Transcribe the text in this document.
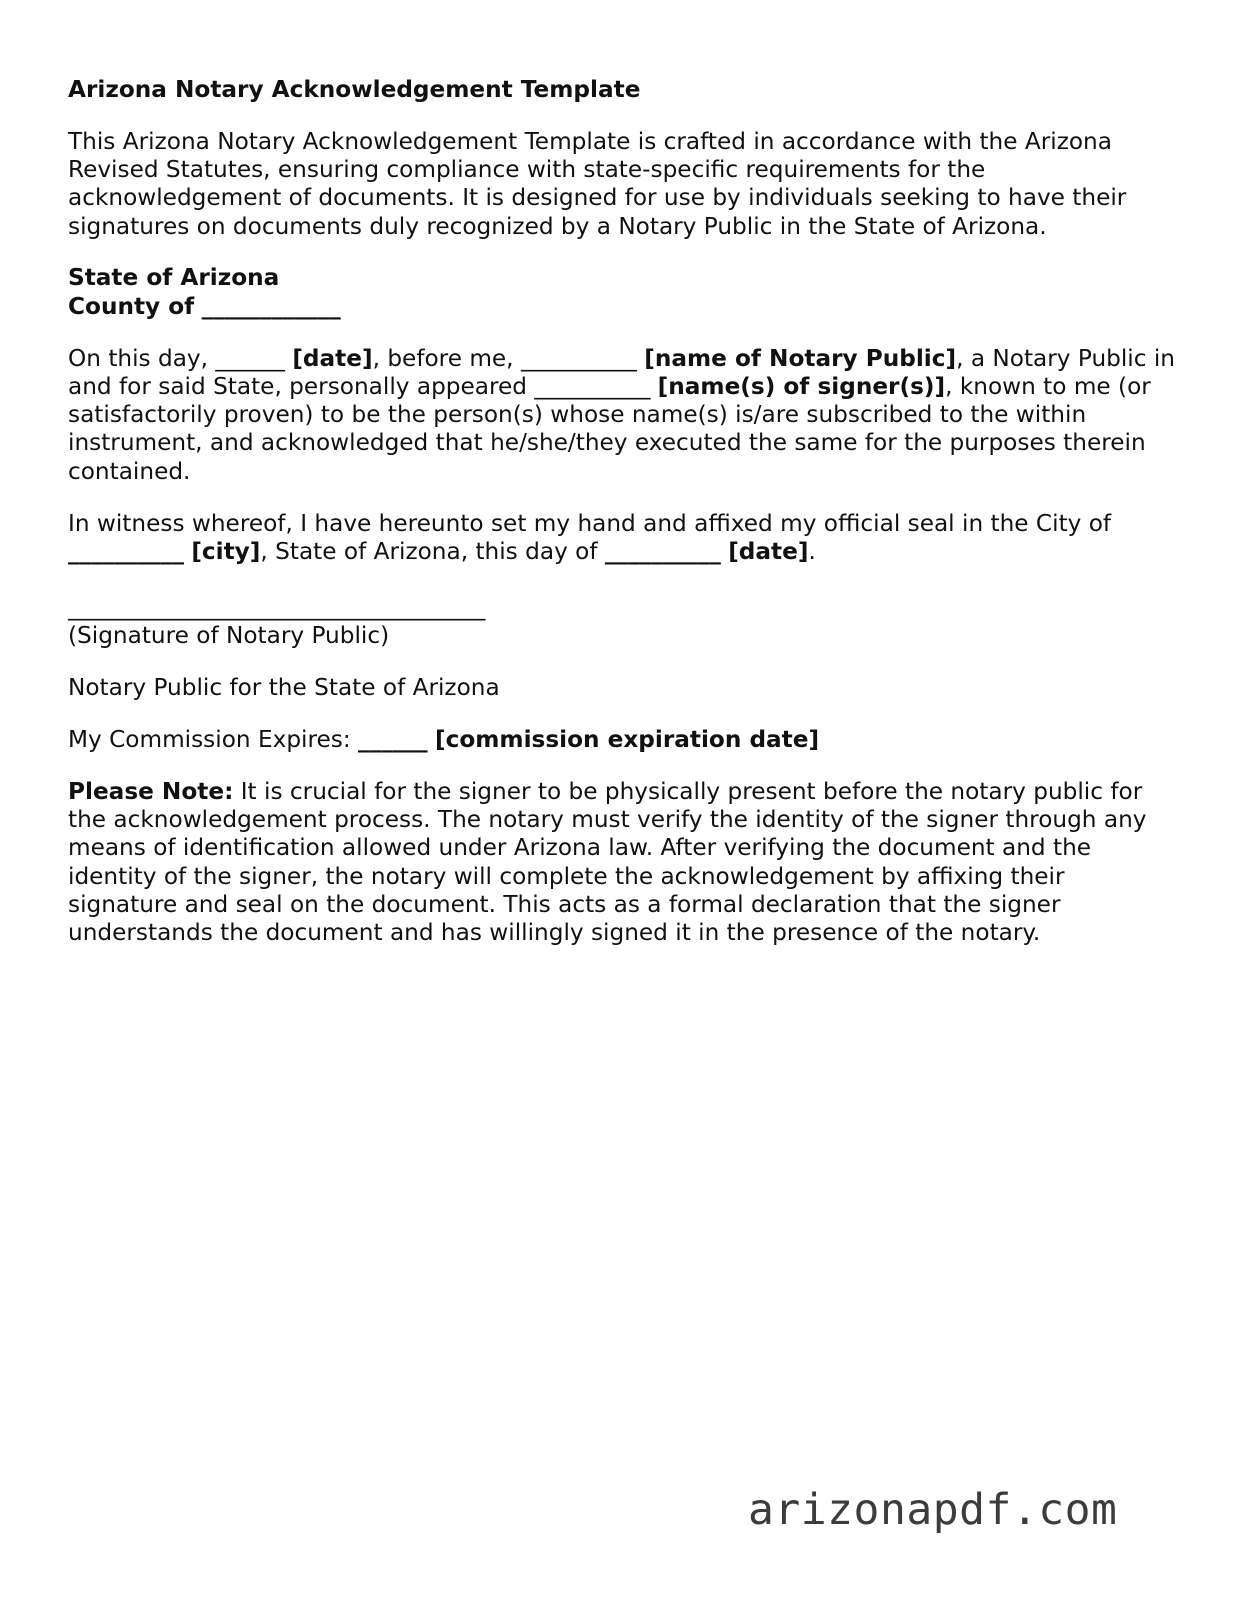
Arizona Notary Acknowledgement Template

This Arizona Notary Acknowledgement Template is crafted in accordance with the Arizona Revised Statutes, ensuring compliance with state-specific requirements for the acknowledgement of documents. It is designed for use by individuals seeking to have their signatures on documents duly recognized by a Notary Public in the State of Arizona.

State of Arizona
County of ____________

On this day, ______ [date], before me, __________ [name of Notary Public], a Notary Public in and for said State, personally appeared __________ [name(s) of signer(s)], known to me (or satisfactorily proven) to be the person(s) whose name(s) is/are subscribed to the within instrument, and acknowledged that he/she/they executed the same for the purposes therein contained.

In witness whereof, I have hereunto set my hand and affixed my official seal in the City of __________ [city], State of Arizona, this day of __________ [date].

____________________________________

(Signature of Notary Public)

Notary Public for the State of Arizona

My Commission Expires: ______ [commission expiration date]

Please Note: It is crucial for the signer to be physically present before the notary public for the acknowledgement process. The notary must verify the identity of the signer through any means of identification allowed under Arizona law. After verifying the document and the identity of the signer, the notary will complete the acknowledgement by affixing their signature and seal on the document. This acts as a formal declaration that the signer understands the document and has willingly signed it in the presence of the notary.

arizonapdf.com
